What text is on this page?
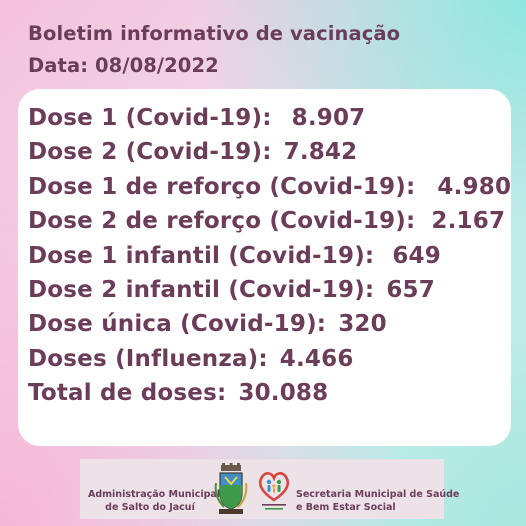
Boletim informativo de vacinação
Data: 08/08/2022
Dose 1 (Covid-19): 8.907
Dose 2 (Covid-19): 7.842
Dose 1 de reforço (Covid-19): 4.980
Dose 2 de reforço (Covid-19): 2.167
Dose 1 infantil (Covid-19): 649
Dose 2 infantil (Covid-19): 657
Dose única (Covid-19): 320
Doses (Influenza): 4.466
Total de doses: 30.088
Administração Municipal
de Salto do Jacuí
Secretaria Municipal de Saúde
e Bem Estar Social
